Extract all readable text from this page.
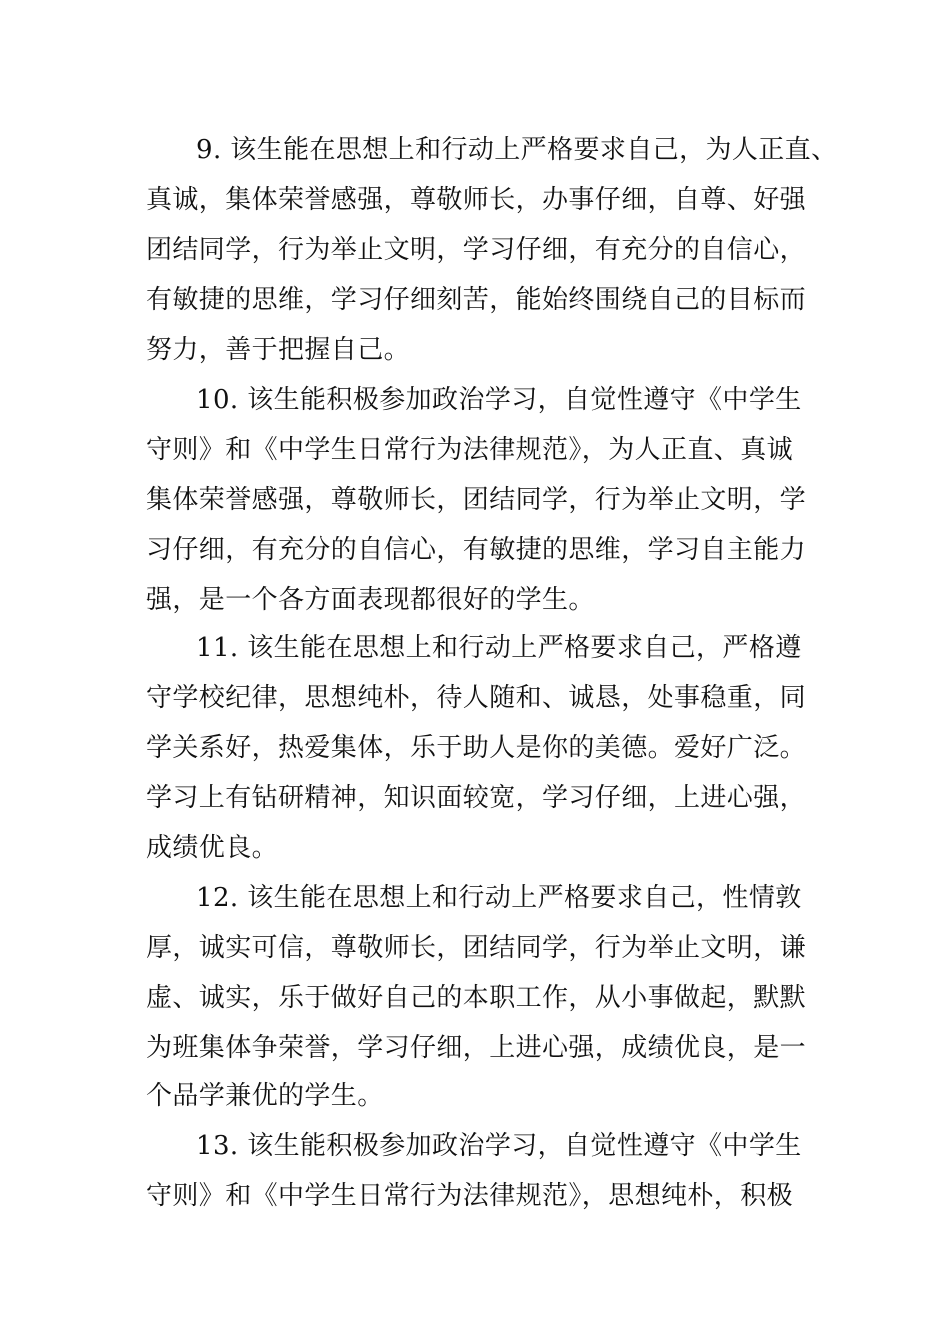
9. 该生能在思想上和行动上严格要求自己，为人正直、
真诚，集体荣誉感强，尊敬师长，办事仔细，自尊、好强
团结同学，行为举止文明，学习仔细，有充分的自信心，
有敏捷的思维，学习仔细刻苦，能始终围绕自己的目标而
努力，善于把握自己。
10. 该生能积极参加政治学习，自觉性遵守《中学生
守则》和《中学生日常行为法律规范》，为人正直、真诚
集体荣誉感强，尊敬师长，团结同学，行为举止文明，学
习仔细，有充分的自信心，有敏捷的思维，学习自主能力
强，是一个各方面表现都很好的学生。
11. 该生能在思想上和行动上严格要求自己，严格遵
守学校纪律，思想纯朴，待人随和、诚恳，处事稳重，同
学关系好，热爱集体，乐于助人是你的美德。爱好广泛。
学习上有钻研精神，知识面较宽，学习仔细，上进心强，
成绩优良。
12. 该生能在思想上和行动上严格要求自己，性情敦
厚，诚实可信，尊敬师长，团结同学，行为举止文明，谦
虚、诚实，乐于做好自己的本职工作，从小事做起，默默
为班集体争荣誉，学习仔细，上进心强，成绩优良，是一
个品学兼优的学生。
13. 该生能积极参加政治学习，自觉性遵守《中学生
守则》和《中学生日常行为法律规范》，思想纯朴，积极
